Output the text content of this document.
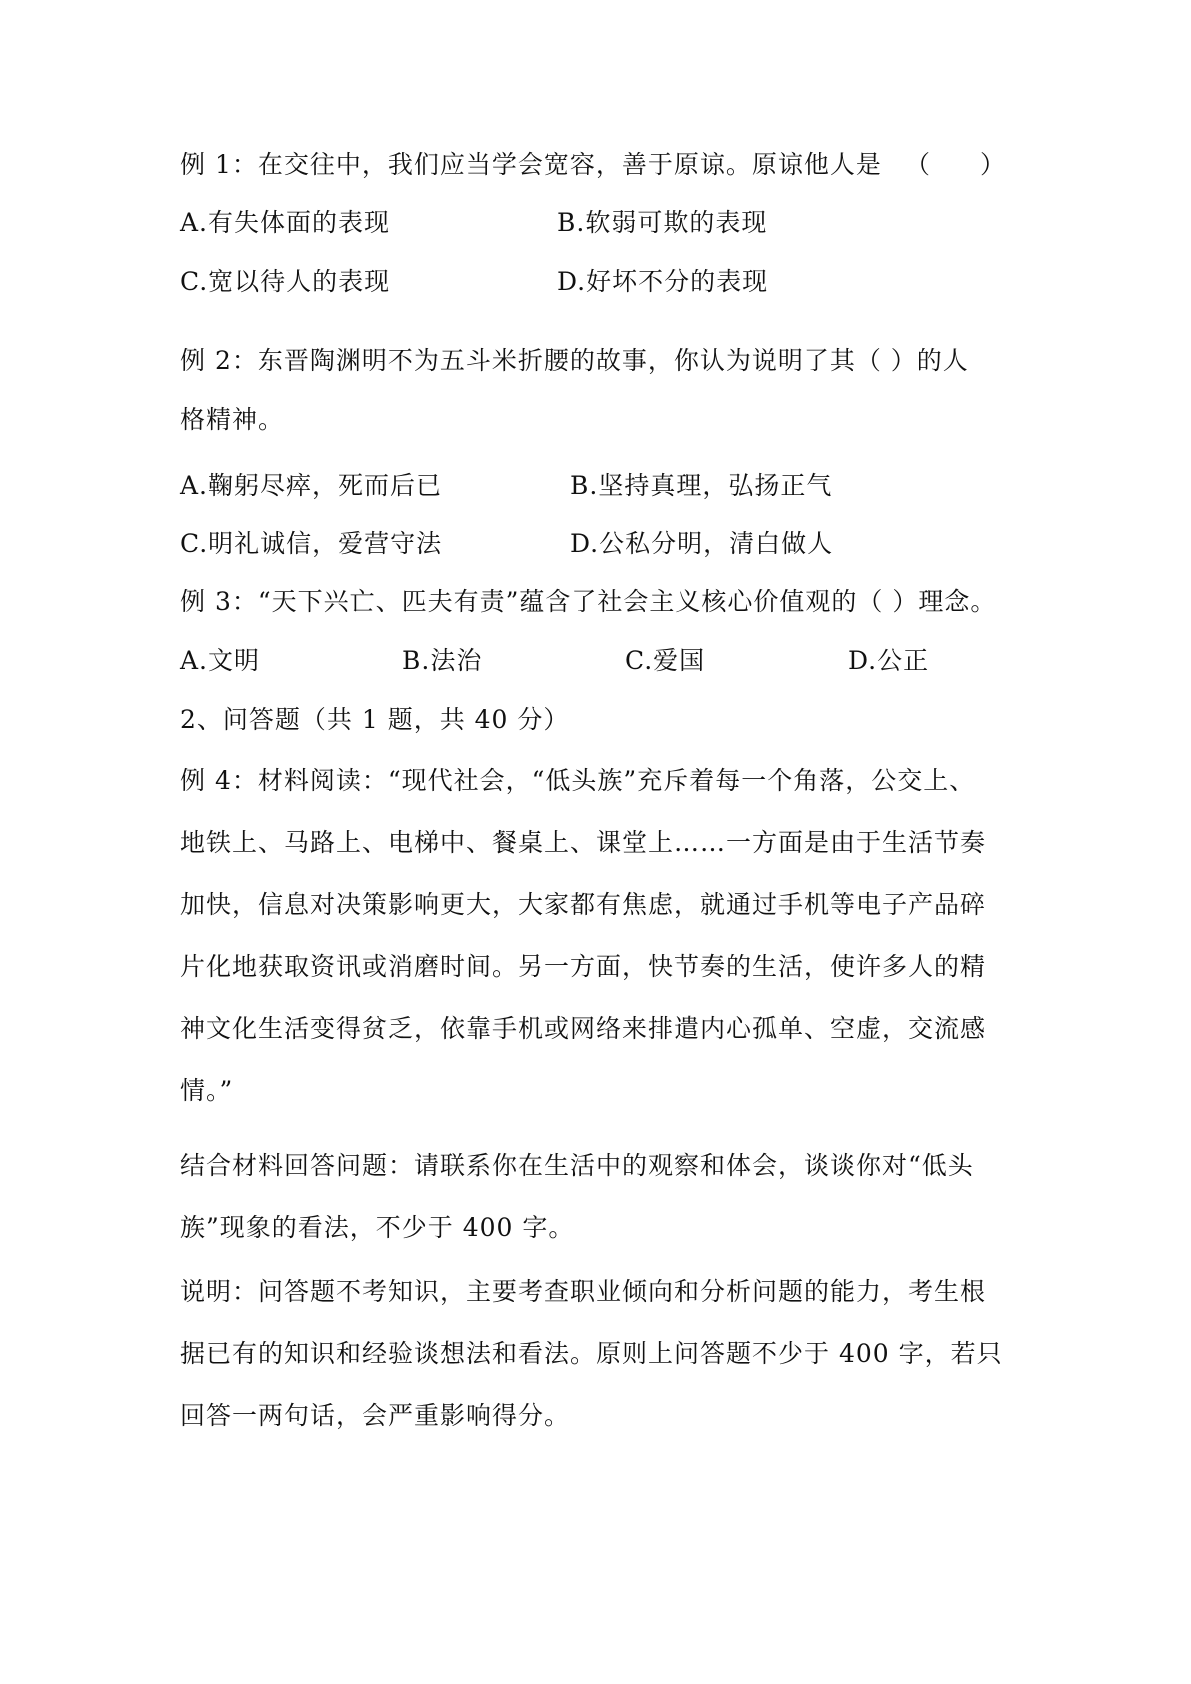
例 1：在交往中，我们应当学会宽容，善于原谅。原谅他人是 （　　）
A.有失体面的表现	B.软弱可欺的表现
C.宽以待人的表现	D.好坏不分的表现
例 2：东晋陶渊明不为五斗米折腰的故事，你认为说明了其（ ）的人
格精神。
A.鞠躬尽瘁，死而后已	B.坚持真理，弘扬正气
C.明礼诚信，爱营守法	D.公私分明，清白做人
例 3：“天下兴亡、匹夫有责”蕴含了社会主义核心价值观的（ ）理念。
A.文明	B.法治	C.爱国	D.公正
2、问答题（共 1 题，共 40 分）
例 4：材料阅读：“现代社会，“低头族”充斥着每一个角落，公交上、
地铁上、马路上、电梯中、餐桌上、课堂上……一方面是由于生活节奏
加快，信息对决策影响更大，大家都有焦虑，就通过手机等电子产品碎
片化地获取资讯或消磨时间。另一方面，快节奏的生活，使许多人的精
神文化生活变得贫乏，依靠手机或网络来排遣内心孤单、空虚，交流感
情。”
结合材料回答问题：请联系你在生活中的观察和体会，谈谈你对“低头
族”现象的看法，不少于 400 字。
说明：问答题不考知识，主要考查职业倾向和分析问题的能力，考生根
据已有的知识和经验谈想法和看法。原则上问答题不少于 400 字，若只
回答一两句话，会严重影响得分。
